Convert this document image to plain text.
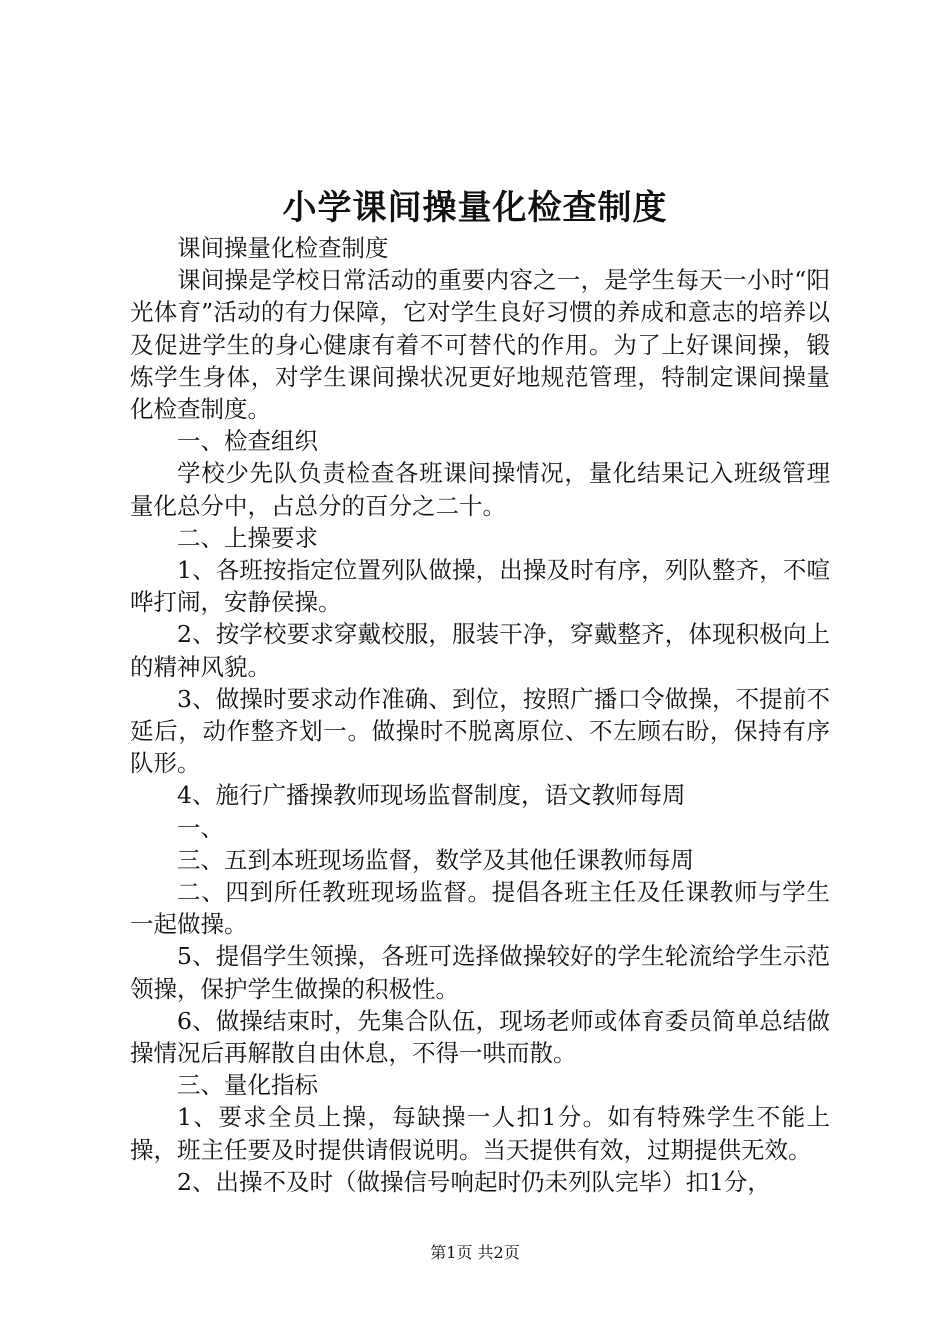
小学课间操量化检查制度

课间操量化检查制度

课间操是学校日常活动的重要内容之一，是学生每天一小时“阳光体育”活动的有力保障，它对学生良好习惯的养成和意志的培养以及促进学生的身心健康有着不可替代的作用。为了上好课间操，锻炼学生身体，对学生课间操状况更好地规范管理，特制定课间操量化检查制度。

一、检查组织

学校少先队负责检查各班课间操情况，量化结果记入班级管理量化总分中，占总分的百分之二十。

二、上操要求

1、各班按指定位置列队做操，出操及时有序，列队整齐，不喧哗打闹，安静侯操。

2、按学校要求穿戴校服，服装干净，穿戴整齐，体现积极向上的精神风貌。

3、做操时要求动作准确、到位，按照广播口令做操，不提前不延后，动作整齐划一。做操时不脱离原位、不左顾右盼，保持有序队形。

4、施行广播操教师现场监督制度，语文教师每周

一、

三、五到本班现场监督，数学及其他任课教师每周

二、四到所任教班现场监督。提倡各班主任及任课教师与学生一起做操。

5、提倡学生领操，各班可选择做操较好的学生轮流给学生示范领操，保护学生做操的积极性。

6、做操结束时，先集合队伍，现场老师或体育委员简单总结做操情况后再解散自由休息，不得一哄而散。

三、量化指标

1、要求全员上操，每缺操一人扣1分。如有特殊学生不能上操，班主任要及时提供请假说明。当天提供有效，过期提供无效。

2、出操不及时（做操信号响起时仍未列队完毕）扣1分，

第1页 共2页
